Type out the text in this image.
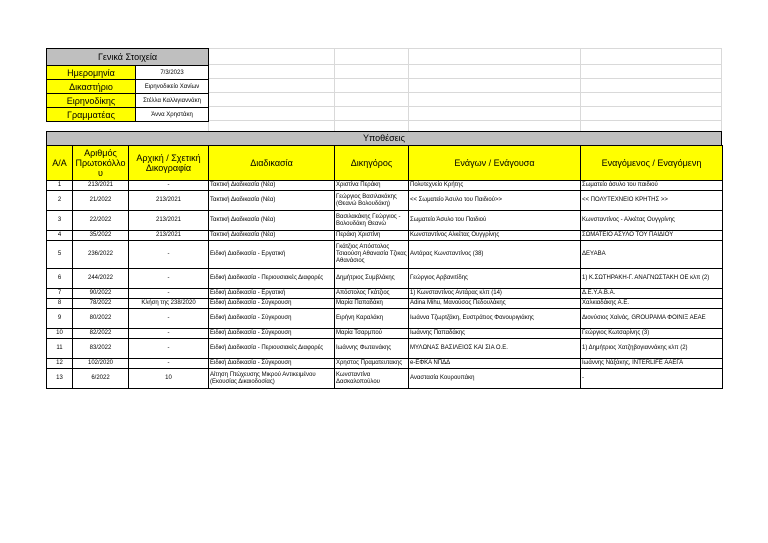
Γενικά Στοιχεία	
Ημερομηνία	7/3/2023
Δικαστήριο	Ειρηνοδικείο Χανίων
Ειρηνοδίκης	Στέλλα Καλλιγιαννάκη
Γραμματέας	Άννα Χρηστάκη
Υποθέσεις
Α/Α	Αριθμός Πρωτοκόλλο υ	Αρχική / Σχετική Δικογραφία	Διαδικασία	Δικηγόρος	Ενάγων / Ενάγουσα	Εναγόμενος / Εναγόμενη
1	213/2021	-	Τακτική Διαδικασία (Νέα)	Χριστίνα Περάκη	Πολυτεχνείο Κρήτης	Σωματείο άσυλο του παιδιού
2	21/2022	213/2021	Τακτική Διαδικασία (Νέα)	Γεώργιος Βασιλακάκης (Θεανώ Βολουδάκη)	<< Σωματείο Άσυλο του Παιδιού>>	<< ΠΟΛΥΤΕΧΝΕΙΟ ΚΡΗΤΗΣ >>
3	22/2022	213/2021	Τακτική Διαδικασία (Νέα)	Βασιλακάκης Γεώργιος - Βολουδάκη Θεανώ	Σωματείο Άσυλο του Παιδιού	Κωνσταντίνος - Αλκέτας Ουγγρίνης
4	35/2022	213/2021	Τακτική Διαδικασία (Νέα)	Περάκη Χριστίνη	Κωνσταντίνος Αλκέτας Ουγγρίνης	ΣΩΜΑΤΕΙΟ ΑΣΥΛΟ ΤΟΥ ΠΑΙΔΙΟΥ
5	236/2022	-	Ειδική Διαδικασία - Εργατική	Γκάτζιος Απόστολος Τσιαούση Αθανασία Τζικας Αθανάσιος	Αντάρας Κωνσταντίνος (38)	ΔΕΥΑΒΑ
6	244/2022	-	Ειδική Διαδικασία - Περιουσιακές Διαφορές	Δημήτριος Συμβλάκης	Γεώργιος Αρβανιτίδης	1) Κ.ΣΩΤΗΡΑΚΗ-Γ. ΑΝΑΓΝΩΣΤΑΚΗ ΟΕ κλπ (2)
7	90/2022	-	Ειδική Διαδικασία - Εργατική	Απόστολος Γκάτζιος	1) Κωνσταντίνος Αντάρας κλπ (14)	Δ.Ε.Υ.Α.Β.Α.
8	78/2022	Κλήση της 238/2020	Ειδική Διαδικασία - Σύγκρουση	Μαρία Παπαδάκη	Adina Mihu, Μανούσος Πεδουλάκης	Χαλκιαδάκης Α.Ε.
9	80/2022	-	Ειδική Διαδικασία - Σύγκρουση	Ειρήνη Καραλάκη	Ιωάννα Τζωρτζάκη, Ευστράτιος Φανουριγιάκης	Διονύσιος Χαϊνάς, GROUPAMA ΦΟΙΝΙΞ ΑΕΑΕ
10	82/2022	-	Ειδική Διαδικασία - Σύγκρουση	Μαρία Τσαρμπού	Ιωάννης Παπαδάκης	Γεώργιος Κωτσαρίνης (3)
11	83/2022	-	Ειδική Διαδικασία - Περιουσιακές Διαφορές	Ιωάννης Φωτεινάκης	ΜΥΛΩΝΑΣ ΒΑΣΙΛΕΙΟΣ ΚΑΙ ΣΙΑ Ο.Ε.	1) Δημήτριος Χατζηβογιαννάκης κλπ (2)
12	102/2020	-	Ειδική Διαδικασία - Σύγκρουση	Χρηστος Πραματευτακης	e-ΕΦΚΑ ΝΠΔΔ	Ιωάννης Νάξάκης, INTERLIFE ΑΑΕΓΑ
13	6/2022	10	Αίτηση Πτώχευσης Μικρού Αντικειμένου (Εκουσίας Δικαιοδοσίας)	Κωνσταντίνα Δασκαλοπούλου	Αναστασία Κουρουπάκη	-
